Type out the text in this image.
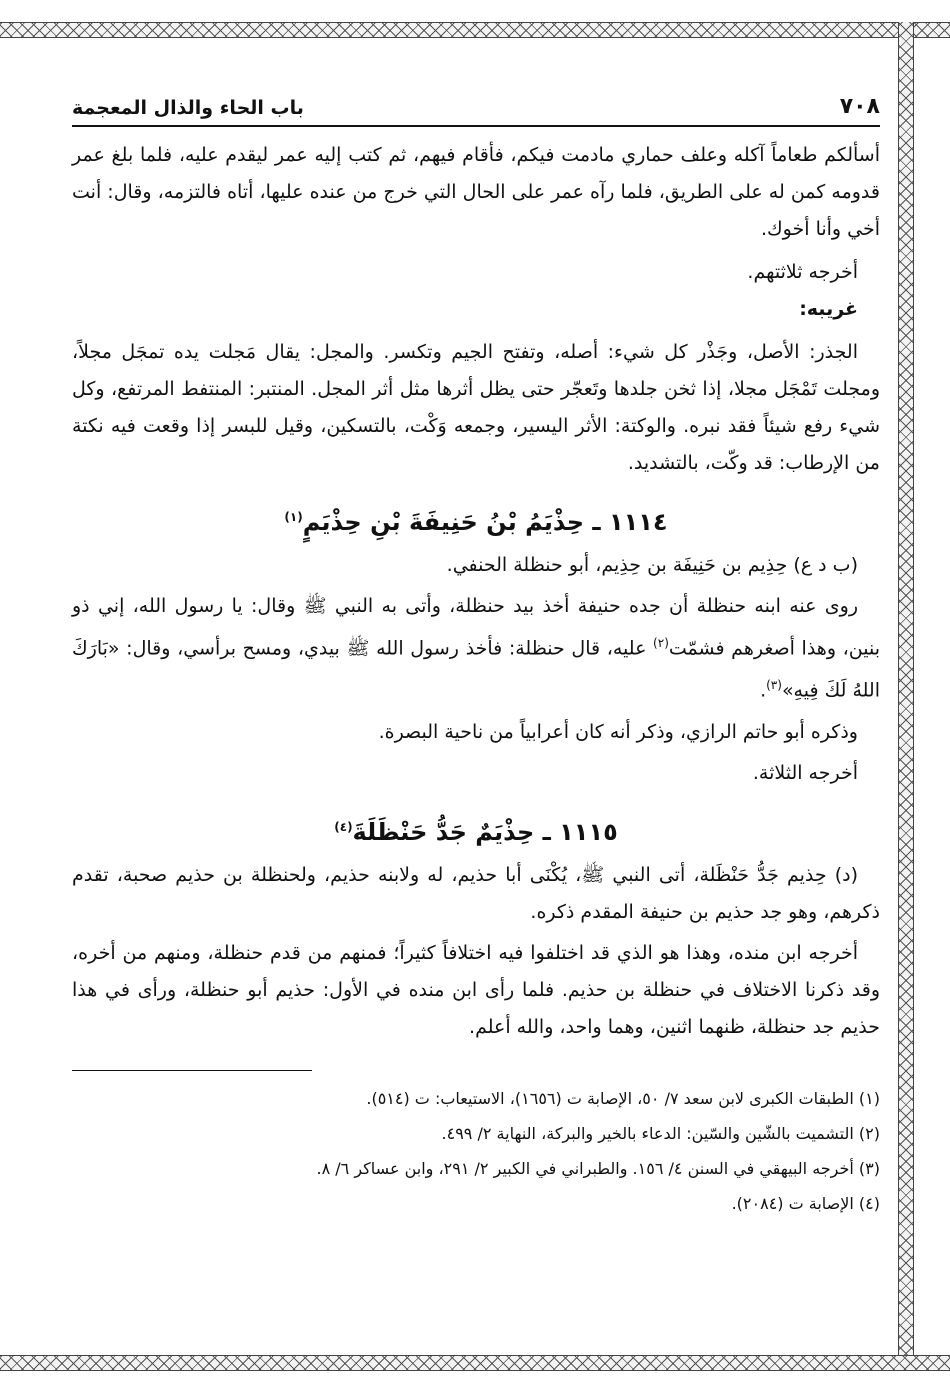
٧٠٨
باب الحاء والذال المعجمة

أسألكم طعاماً آكله وعلف حماري مادمت فيكم، فأقام فيهم، ثم كتب إليه عمر ليقدم عليه، فلما بلغ عمر قدومه كمن له على الطريق، فلما رآه عمر على الحال التي خرج من عنده عليها، أتاه فالتزمه، وقال: أنت أخي وأنا أخوك.

أخرجه ثلاثتهم.

غريبه:

الجذر: الأصل، وجَذْر كل شيء: أصله، وتفتح الجيم وتكسر. والمجل: يقال مَجلت يده تمجَل مجلاً، ومجلت تَمْجَل مجلا، إذا ثخن جلدها وتَعجّر حتى يظل أثرها مثل أثر المجل. المنتبر: المنتفط المرتفع، وكل شيء رفع شيئاً فقد نبره. والوكتة: الأثر اليسير، وجمعه وَكْت، بالتسكين، وقيل للبسر إذا وقعت فيه نكتة من الإرطاب: قد وكّت، بالتشديد.

١١١٤ ـ حِذْيَمُ بْنُ حَنِيفَةَ بْنِ حِذْيَمٍ$^{(١)}$

(ب د ع) حِذِيم بن حَنِيفَة بن حِذِيم، أبو حنظلة الحنفي.

روى عنه ابنه حنظلة أن جده حنيفة أخذ بيد حنظلة، وأتى به النبي ﷺ وقال: يا رسول الله، إني ذو بنين، وهذا أصغرهم فشمّت$^{(٢)}$ عليه، قال حنظلة: فأخذ رسول الله ﷺ بيدي، ومسح برأسي، وقال: «بَارَكَ اللهُ لَكَ فِيهِ»$^{(٣)}$.

وذكره أبو حاتم الرازي، وذكر أنه كان أعرابياً من ناحية البصرة.

أخرجه الثلاثة.

١١١٥ ـ حِذْيَمٌ جَدُّ حَنْظَلَةَ$^{(٤)}$

(د) حِذيم جَدُّ حَنْظَلة، أتى النبي ﷺ، يُكْنَى أبا حذيم، له ولابنه حذيم، ولحنظلة بن حذيم صحبة، تقدم ذكرهم، وهو جد حذيم بن حنيفة المقدم ذكره.

أخرجه ابن منده، وهذا هو الذي قد اختلفوا فيه اختلافاً كثيراً؛ فمنهم من قدم حنظلة، ومنهم من أخره، وقد ذكرنا الاختلاف في حنظلة بن حذيم. فلما رأى ابن منده في الأول: حذيم أبو حنظلة، ورأى في هذا حذيم جد حنظلة، ظنهما اثنين، وهما واحد، والله أعلم.

(١) الطبقات الكبرى لابن سعد ٧/ ٥٠، الإصابة ت (١٦٥٦)، الاستيعاب: ت (٥١٤).

(٢) التشميت بالشّين والسّين: الدعاء بالخير والبركة، النهاية ٢/ ٤٩٩.

(٣) أخرجه البيهقي في السنن ٤/ ١٥٦. والطبراني في الكبير ٢/ ٢٩١، وابن عساكر ٦/ ٨.

(٤) الإصابة ت (٢٠٨٤).
